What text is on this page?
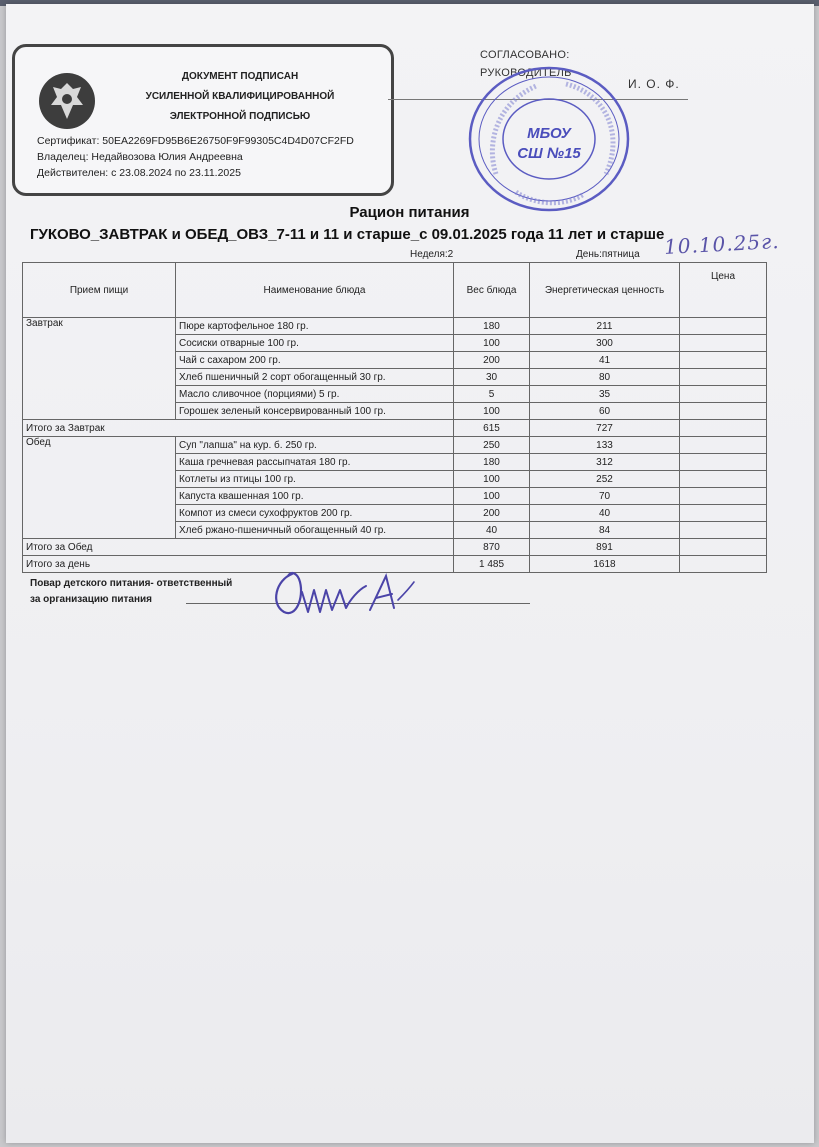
ДОКУМЕНТ ПОДПИСАН
УСИЛЕННОЙ КВАЛИФИЦИРОВАННОЙ
ЭЛЕКТРОННОЙ ПОДПИСЬЮ
Сертификат: 50EA2269FD95B6E26750F9F99305C4D4D07CF2FD
Владелец: Недайвозова Юлия Андреевна
Действителен: с 23.08.2024 по 23.11.2025
СОГЛАСОВАНО:
РУКОВОДИТЕЛЬ
И. О. Ф.
МБОУ
СШ №15
Рацион питания
ГУКОВО_ЗАВТРАК и ОБЕД_ОВЗ_7-11 и 11 и старше_с 09.01.2025 года 11 лет и старше
Неделя:2	День:пятница 10.10.25г.
Прием пищи	Наименование блюда	Вес блюда	Энергетическая ценность	Цена
Завтрак	Пюре картофельное 180 гр.	180	211	
	Сосиски отварные 100 гр.	100	300	
	Чай с сахаром 200 гр.	200	41	
	Хлеб пшеничный 2 сорт обогащенный 30 гр.	30	80	
	Масло сливочное (порциями) 5 гр.	5	35	
	Горошек зеленый консервированный 100 гр.	100	60	
Итого за Завтрак		615	727	
Обед	Суп "лапша" на кур. б. 250 гр.	250	133	
	Каша гречневая рассыпчатая 180 гр.	180	312	
	Котлеты из птицы 100 гр.	100	252	
	Капуста квашенная 100 гр.	100	70	
	Компот из смеси сухофруктов 200 гр.	200	40	
	Хлеб ржано-пшеничный обогащенный 40 гр.	40	84	
Итого за Обед		870	891	
Итого за день		1 485	1618	
Повар детского питания- ответственный
за организацию питания
